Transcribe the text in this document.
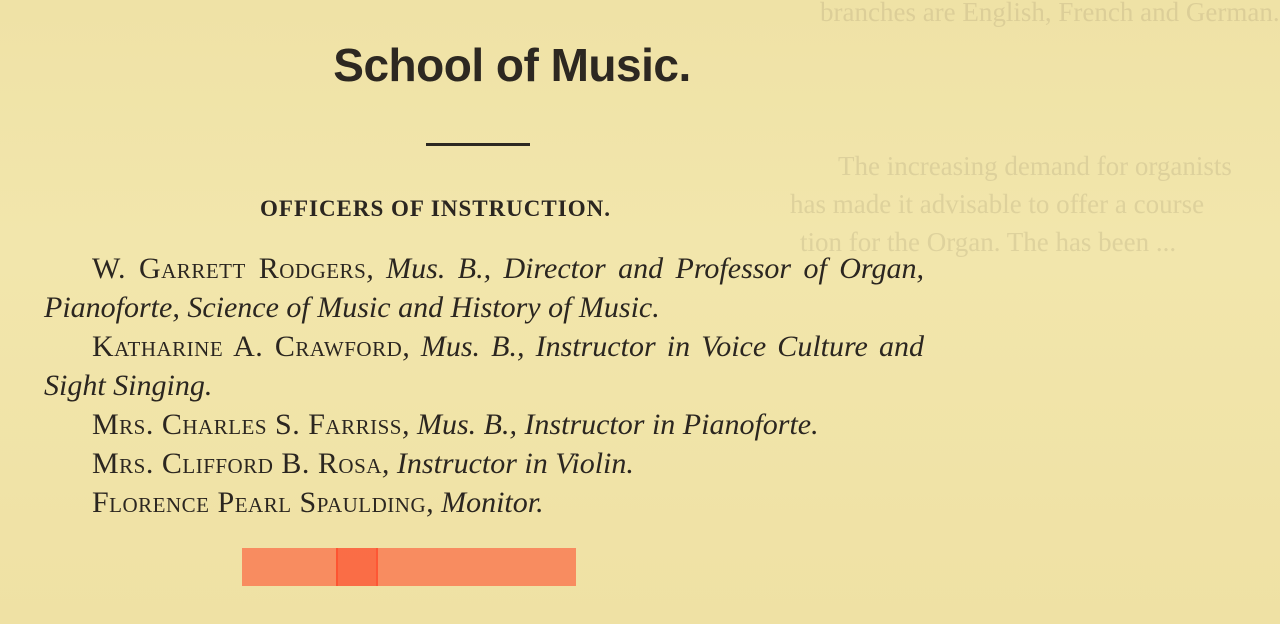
branches are English, French and German.
The increasing demand for organists
has made it advisable to offer a course
tion for the Organ. The has been ...
School of Music.
OFFICERS OF INSTRUCTION.

W. Garrett Rodgers, Mus. B., Director and Professor of Organ, Pianoforte, Science of Music and History of Music.

Katharine A. Crawford, Mus. B., Instructor in Voice Culture and Sight Singing.

Mrs. Charles S. Farriss, Mus. B., Instructor in Pianoforte.

Mrs. Clifford B. Rosa, Instructor in Violin.

Florence Pearl Spaulding, Monitor.
